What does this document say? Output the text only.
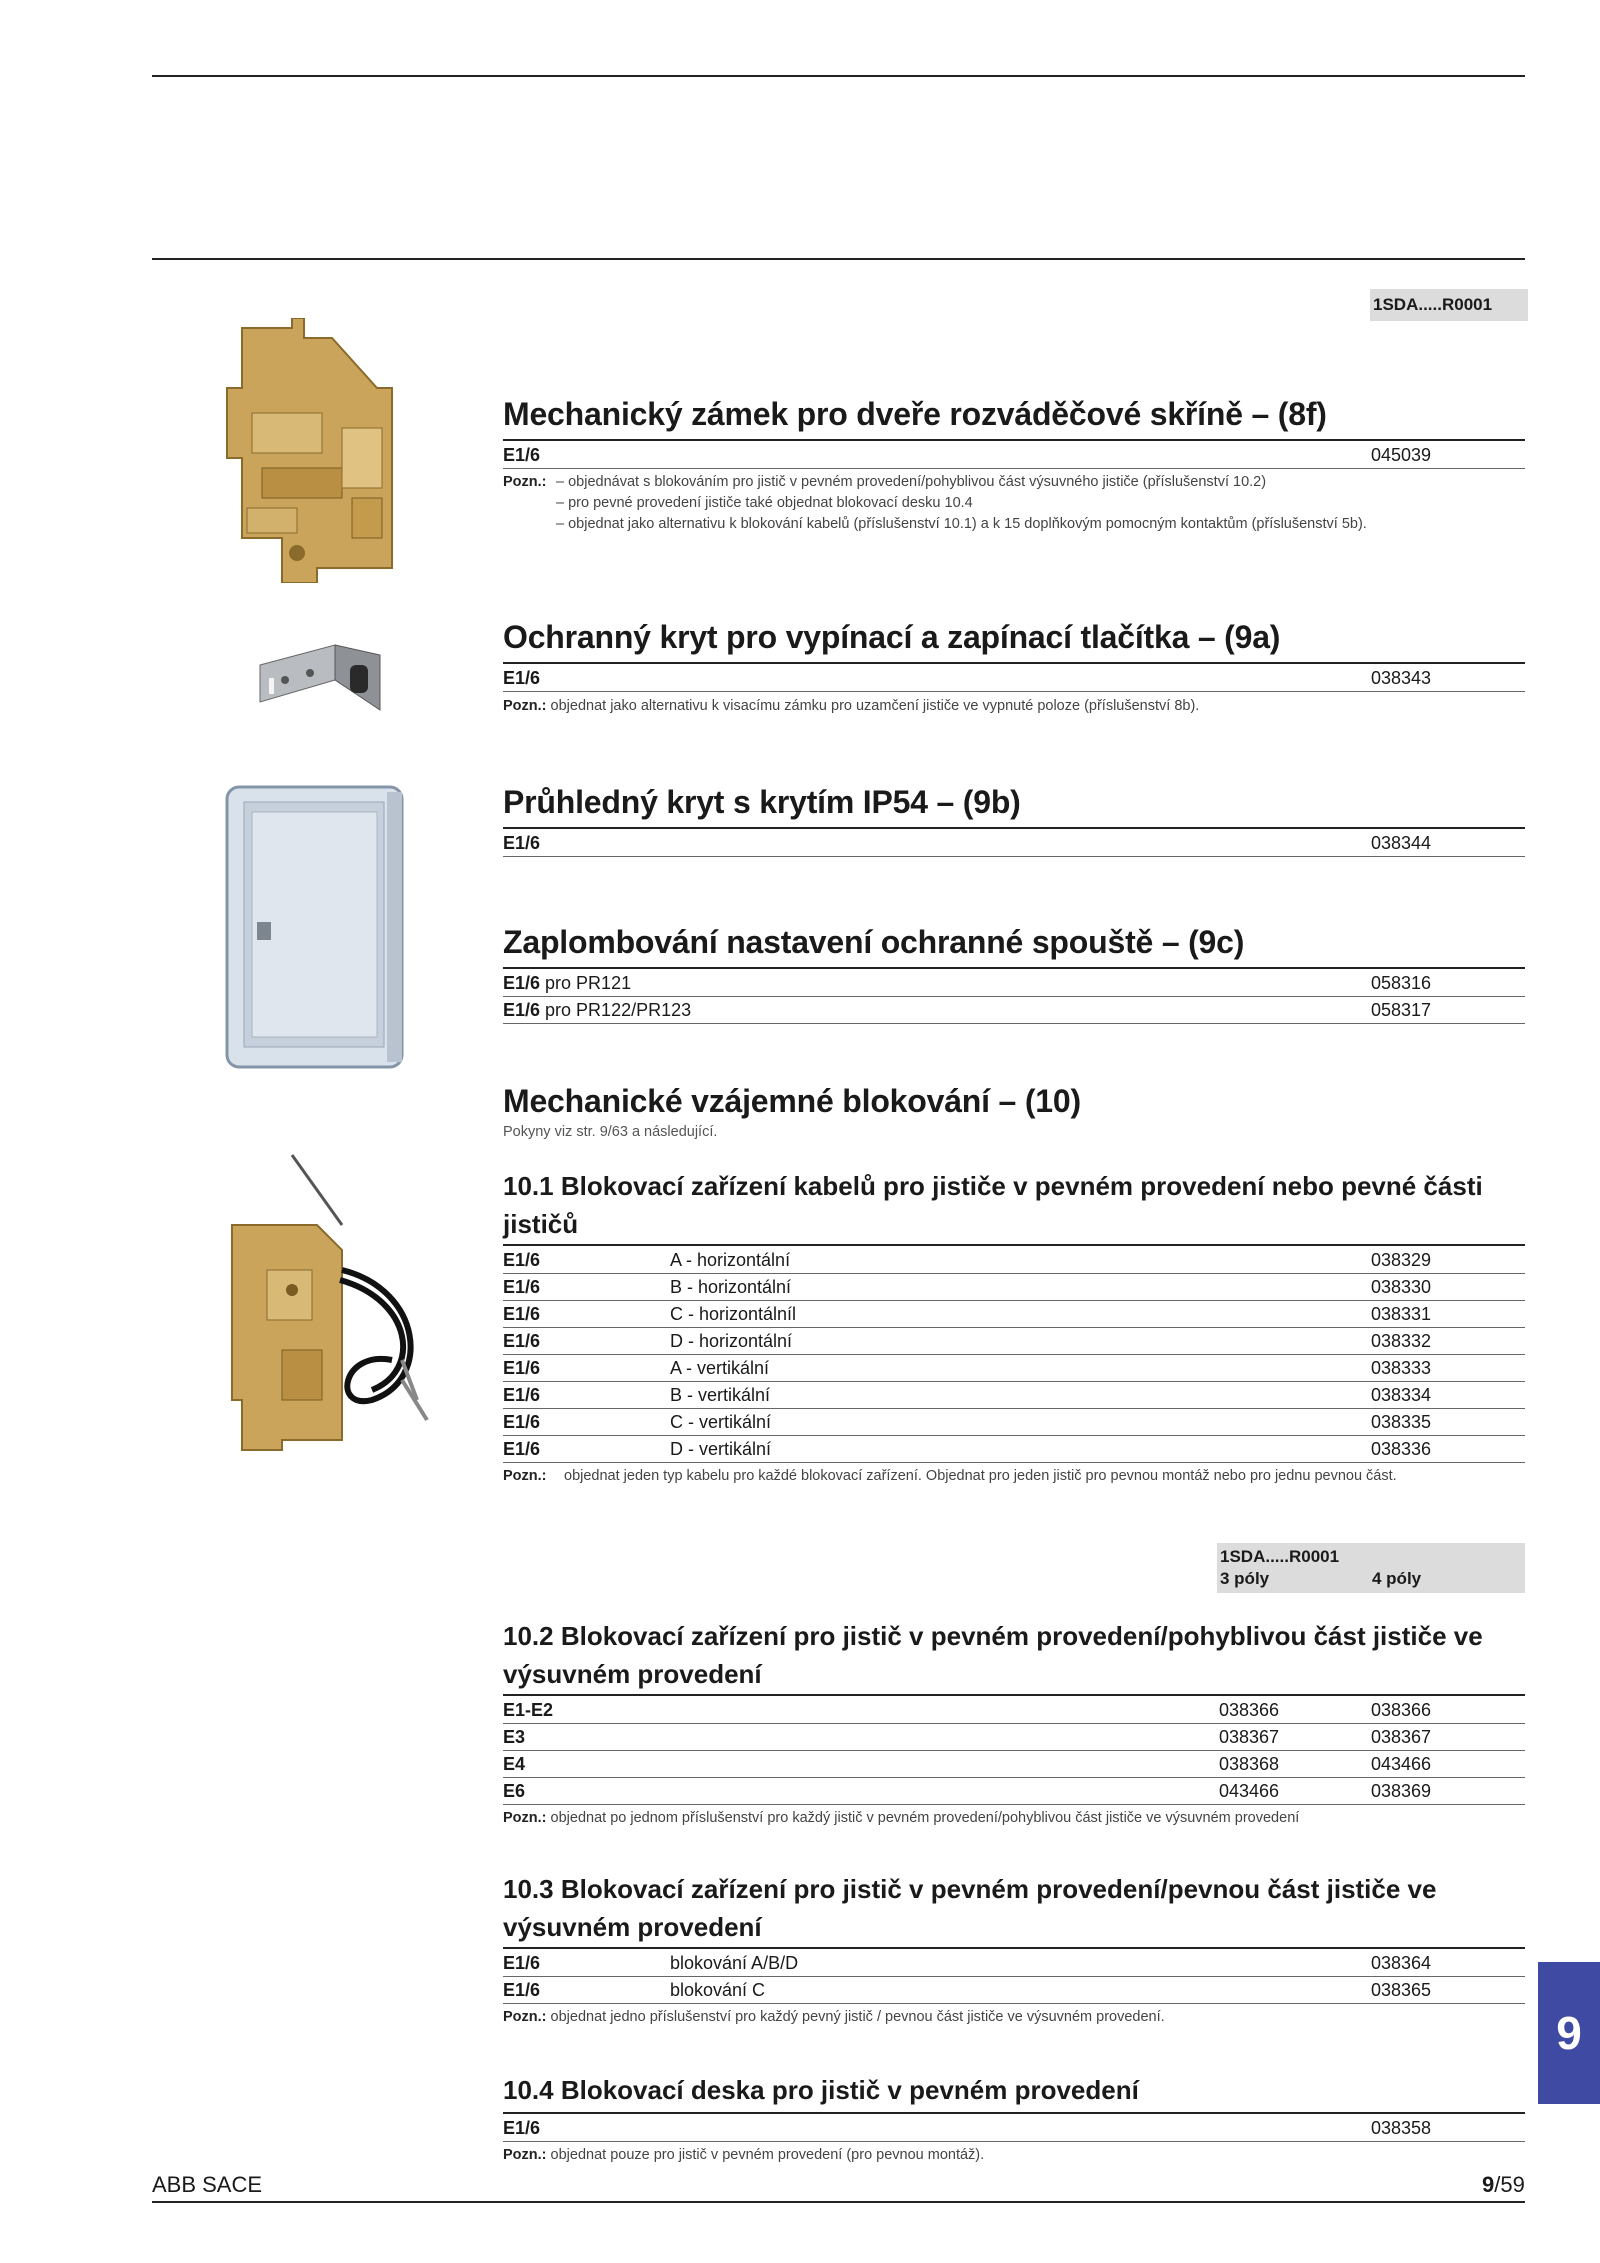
1SDA.....R0001
Mechanický zámek pro dveře rozváděčové skříně – (8f)
E1/6	045039
Pozn.: – objednávat s blokováním pro jistič v pevném provedení/pohyblivou část výsuvného jističe (příslušenství 10.2)
– pro pevné provedení jističe také objednat blokovací desku 10.4
– objednat jako alternativu k blokování kabelů (příslušenství 10.1) a k 15 doplňkovým pomocným kontaktům (příslušenství 5b).
Ochranný kryt pro vypínací a zapínací tlačítka – (9a)
E1/6	038343
Pozn.: objednat jako alternativu k visacímu zámku pro uzamčení jističe ve vypnuté poloze (příslušenství 8b).
Průhledný kryt s krytím IP54 – (9b)
E1/6	038344
Zaplombování nastavení ochranné spouště – (9c)
E1/6 pro PR121	058316
E1/6 pro PR122/PR123	058317
Mechanické vzájemné blokování – (10)
Pokyny viz str. 9/63 a následující.
10.1 Blokovací zařízení kabelů pro jističe v pevném provedení nebo pevné části jističů
E1/6	A - horizontální	038329
E1/6	B - horizontální	038330
E1/6	C - horizontálníl	038331
E1/6	D - horizontální	038332
E1/6	A - vertikální	038333
E1/6	B - vertikální	038334
E1/6	C - vertikální	038335
E1/6	D - vertikální	038336
Pozn.: objednat jeden typ kabelu pro každé blokovací zařízení. Objednat pro jeden jistič pro pevnou montáž nebo pro jednu pevnou část.
1SDA.....R0001
3 póly	4 póly
10.2 Blokovací zařízení pro jistič v pevném provedení/pohyblivou část jističe ve výsuvném provedení
E1-E2	038366	038366
E3	038367	038367
E4	038368	043466
E6	043466	038369
Pozn.: objednat po jednom příslušenství pro každý jistič v pevném provedení/pohyblivou část jističe ve výsuvném provedení
10.3 Blokovací zařízení pro jistič v pevném provedení/pevnou část jističe ve výsuvném provedení
E1/6	blokování A/B/D	038364
E1/6	blokování C	038365
Pozn.: objednat jedno příslušenství pro každý pevný jistič / pevnou část jističe ve výsuvném provedení.
10.4 Blokovací deska pro jistič v pevném provedení
E1/6	038358
Pozn.: objednat pouze pro jistič v pevném provedení (pro pevnou montáž).
9
ABB SACE	9/59
